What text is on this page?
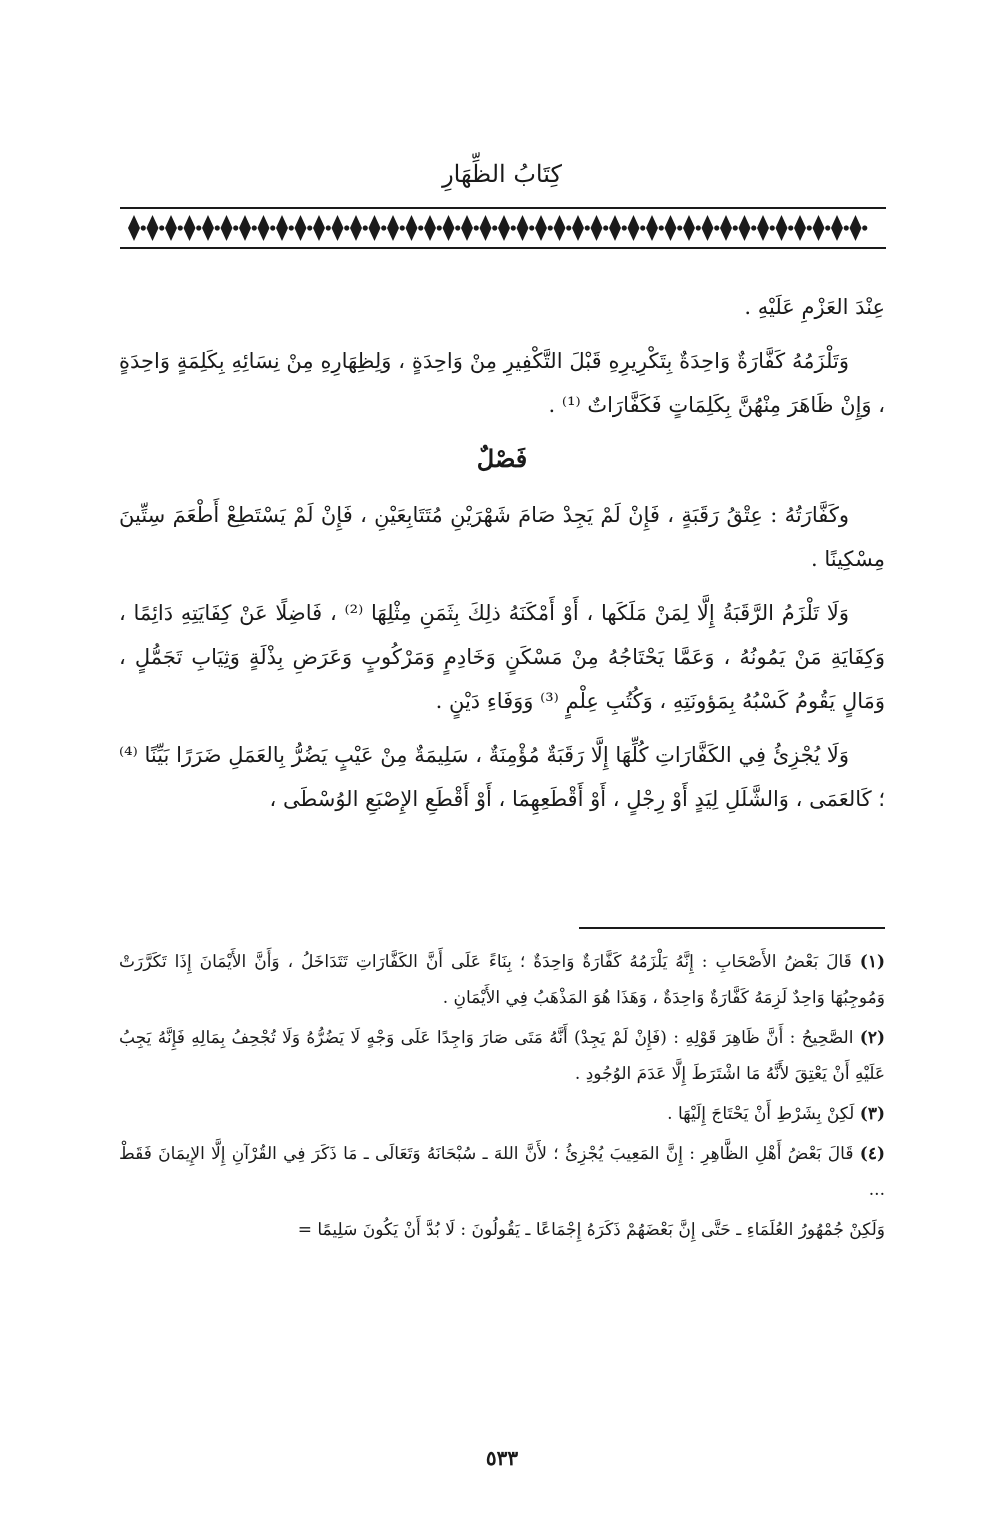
كِتَابُ الظِّهَارِ

عِنْدَ العَزْمِ عَلَيْهِ .

وَتَلْزَمُهُ كَفَّارَةٌ وَاحِدَةٌ بِتَكْرِيرِهِ قَبْلَ التَّكْفِيرِ مِنْ وَاحِدَةٍ ، وَلِظِهَارِهِ مِنْ نِسَائِهِ بِكَلِمَةٍ وَاحِدَةٍ ، وَإِنْ ظَاهَرَ مِنْهُنَّ بِكَلِمَاتٍ فَكَفَّارَاتٌ ⁽¹⁾ .

فَصْلٌ

وكَفَّارَتُهُ : عِتْقُ رَقَبَةٍ ، فَإِنْ لَمْ يَجِدْ صَامَ شَهْرَيْنِ مُتَتَابِعَيْنِ ، فَإِنْ لَمْ يَسْتَطِعْ أَطْعَمَ سِتِّينَ مِسْكِينًا .

وَلَا تَلْزَمُ الرَّقَبَةُ إِلَّا لِمَنْ مَلَكَها ، أَوْ أَمْكَنَهُ ذلِكَ بِثَمَنِ مِثْلِهَا ⁽²⁾ ، فَاضِلًا عَنْ كِفَايَتِهِ دَائِمًا ، وَكِفَايَةِ مَنْ يَمُونُهُ ، وَعَمَّا يَحْتَاجُهُ مِنْ مَسْكَنٍ وَخَادِمٍ وَمَرْكُوبٍ وَعَرَضِ بِذْلَةٍ وَثِيَابِ تَجَمُّلٍ ، وَمَالٍ يَقُومُ كَسْبُهُ بِمَؤونَتِهِ ، وَكُتُبِ عِلْمٍ ⁽³⁾ وَوَفَاءِ دَيْنٍ .

وَلَا يُجْزِئُ فِي الكَفَّارَاتِ كُلِّهَا إِلَّا رَقَبَةٌ مُؤْمِنَةٌ ، سَلِيمَةٌ مِنْ عَيْبٍ يَضُرُّ بِالعَمَلِ ضَرَرًا بَيِّنًا ⁽⁴⁾ ؛ كَالعَمَى ، وَالشَّلَلِ لِيَدٍ أَوْ رِجْلٍ ، أَوْ أَقْطَعِهِمَا ، أَوْ أَقْطَعِ الإِصْبَعِ الوُسْطَى ،

(١) قَالَ بَعْضُ الأَصْحَابِ : إِنَّهُ يَلْزَمُهُ كَفَّارَةٌ وَاحِدَةٌ ؛ بِنَاءً عَلَى أَنَّ الكَفَّارَاتِ تَتَدَاخَلُ ، وَأَنَّ الأَيْمَانَ إِذَا تَكَرَّرَتْ وَمُوجِبُهَا وَاحِدٌ لَزِمَهُ كَفَّارَةٌ وَاحِدَةٌ ، وَهَذَا هُوَ المَذْهَبُ فِي الأَيْمَانِ .

(٢) الصَّحِيحُ : أَنَّ ظَاهِرَ قَوْلِهِ : (فَإِنْ لَمْ يَجِدْ) أَنَّهُ مَتَى صَارَ وَاجِدًا عَلَى وَجْهٍ لَا يَضُرُّهُ وَلَا تُجْحِفُ بِمَالِهِ فَإِنَّهُ يَجِبُ عَلَيْهِ أَنْ يَعْتِقَ لأَنَّهُ مَا اشْتَرَطَ إِلَّا عَدَمَ الوُجُودِ .

(٣) لَكِنْ بِشَرْطِ أَنْ يَحْتَاجَ إِلَيْهَا .

(٤) قَالَ بَعْضُ أَهْلِ الظَّاهِرِ : إِنَّ المَعِيبَ يُجْزِئُ ؛ لأَنَّ اللهَ ـ سُبْحَانَهُ وَتَعَالَى ـ مَا ذَكَرَ فِي القُرْآنِ إِلَّا الإِيمَانَ فَقَطْ ...

وَلَكِنْ جُمْهُورُ العُلَمَاءِ ـ حَتَّى إِنَّ بَعْضَهُمْ ذَكَرَهُ إِجْمَاعًا ـ يَقُولُونَ : لَا بُدَّ أَنْ يَكُونَ سَلِيمًا =

٥٣٣
